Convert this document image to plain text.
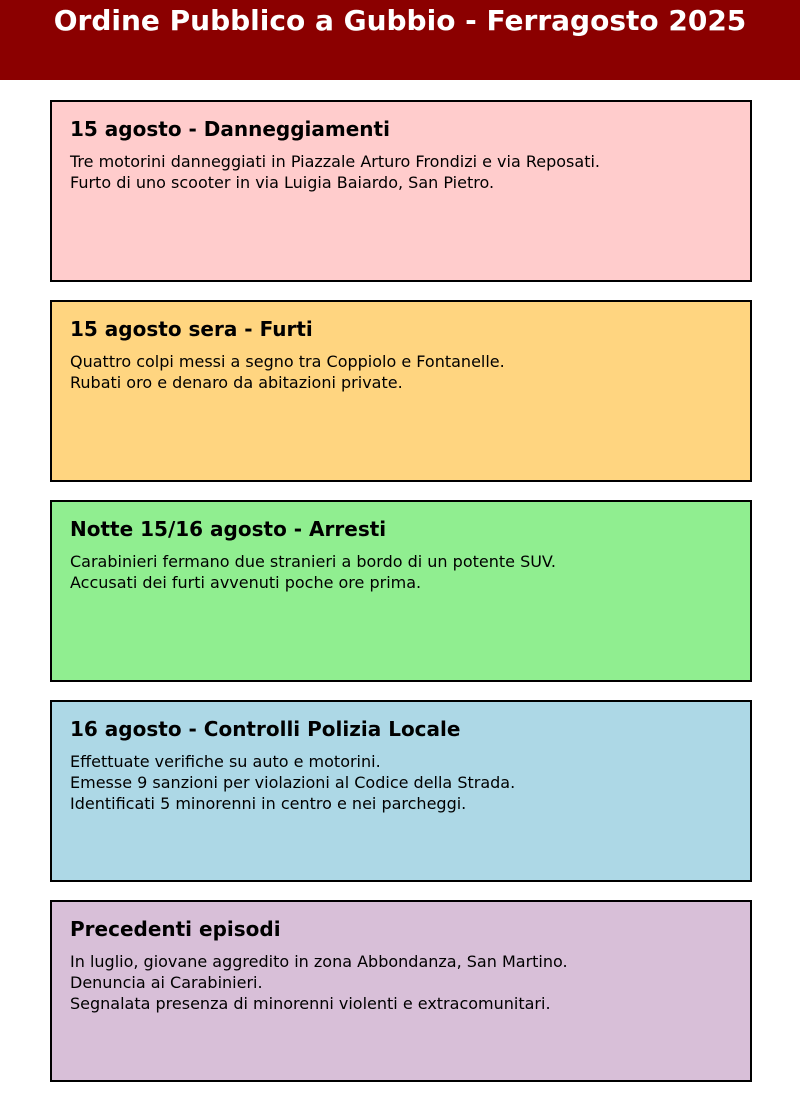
Ordine Pubblico a Gubbio - Ferragosto 2025
15 agosto - Danneggiamenti
Tre motorini danneggiati in Piazzale Arturo Frondizi e via Reposati.
Furto di uno scooter in via Luigia Baiardo, San Pietro.
15 agosto sera - Furti
Quattro colpi messi a segno tra Coppiolo e Fontanelle.
Rubati oro e denaro da abitazioni private.
Notte 15/16 agosto - Arresti
Carabinieri fermano due stranieri a bordo di un potente SUV.
Accusati dei furti avvenuti poche ore prima.
16 agosto - Controlli Polizia Locale
Effettuate verifiche su auto e motorini.
Emesse 9 sanzioni per violazioni al Codice della Strada.
Identificati 5 minorenni in centro e nei parcheggi.
Precedenti episodi
In luglio, giovane aggredito in zona Abbondanza, San Martino.
Denuncia ai Carabinieri.
Segnalata presenza di minorenni violenti e extracomunitari.
